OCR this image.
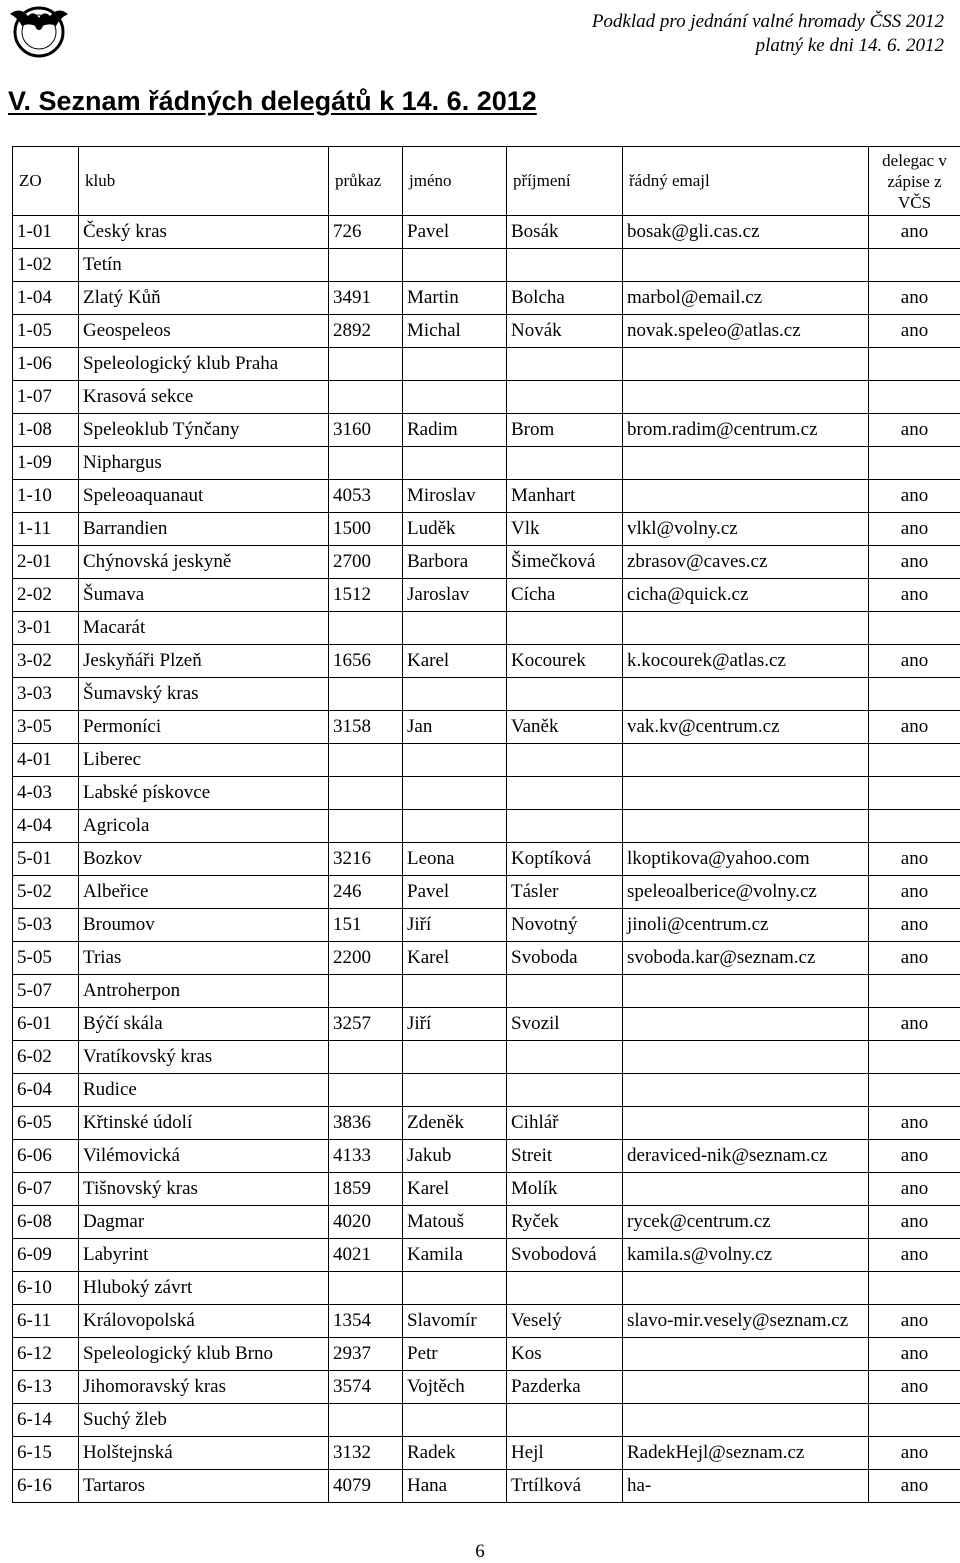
Podklad pro jednání valné hromady ČSS 2012
platný ke dni 14. 6. 2012
V. Seznam řádných delegátů k 14. 6. 2012
ZO	klub	průkaz	jméno	příjmení	řádný emajl	delegac v zápise z VČS
1-01	Český kras	726	Pavel	Bosák	bosak@gli.cas.cz	ano
1-02	Tetín					
1-04	Zlatý Kůň	3491	Martin	Bolcha	marbol@email.cz	ano
1-05	Geospeleos	2892	Michal	Novák	novak.speleo@atlas.cz	ano
1-06	Speleologický klub Praha					
1-07	Krasová sekce					
1-08	Speleoklub Týnčany	3160	Radim	Brom	brom.radim@centrum.cz	ano
1-09	Niphargus					
1-10	Speleoaquanaut	4053	Miroslav	Manhart		ano
1-11	Barrandien	1500	Luděk	Vlk	vlkl@volny.cz	ano
2-01	Chýnovská jeskyně	2700	Barbora	Šimečková	zbrasov@caves.cz	ano
2-02	Šumava	1512	Jaroslav	Cícha	cicha@quick.cz	ano
3-01	Macarát					
3-02	Jeskyňáři Plzeň	1656	Karel	Kocourek	k.kocourek@atlas.cz	ano
3-03	Šumavský kras					
3-05	Permoníci	3158	Jan	Vaněk	vak.kv@centrum.cz	ano
4-01	Liberec					
4-03	Labské pískovce					
4-04	Agricola					
5-01	Bozkov	3216	Leona	Koptíková	lkoptikova@yahoo.com	ano
5-02	Albeřice	246	Pavel	Tásler	speleoalberice@volny.cz	ano
5-03	Broumov	151	Jiří	Novotný	jinoli@centrum.cz	ano
5-05	Trias	2200	Karel	Svoboda	svoboda.kar@seznam.cz	ano
5-07	Antroherpon					
6-01	Býčí skála	3257	Jiří	Svozil		ano
6-02	Vratíkovský kras					
6-04	Rudice					
6-05	Křtinské údolí	3836	Zdeněk	Cihlář		ano
6-06	Vilémovická	4133	Jakub	Streit	deraviced-nik@seznam.cz	ano
6-07	Tišnovský kras	1859	Karel	Molík		ano
6-08	Dagmar	4020	Matouš	Ryček	rycek@centrum.cz	ano
6-09	Labyrint	4021	Kamila	Svobodová	kamila.s@volny.cz	ano
6-10	Hluboký závrt					
6-11	Královopolská	1354	Slavomír	Veselý	slavo-mir.vesely@seznam.cz	ano
6-12	Speleologický klub Brno	2937	Petr	Kos		ano
6-13	Jihomoravský kras	3574	Vojtěch	Pazderka		ano
6-14	Suchý žleb					
6-15	Holštejnská	3132	Radek	Hejl	RadekHejl@seznam.cz	ano
6-16	Tartaros	4079	Hana	Trtílková	ha-	ano
6
